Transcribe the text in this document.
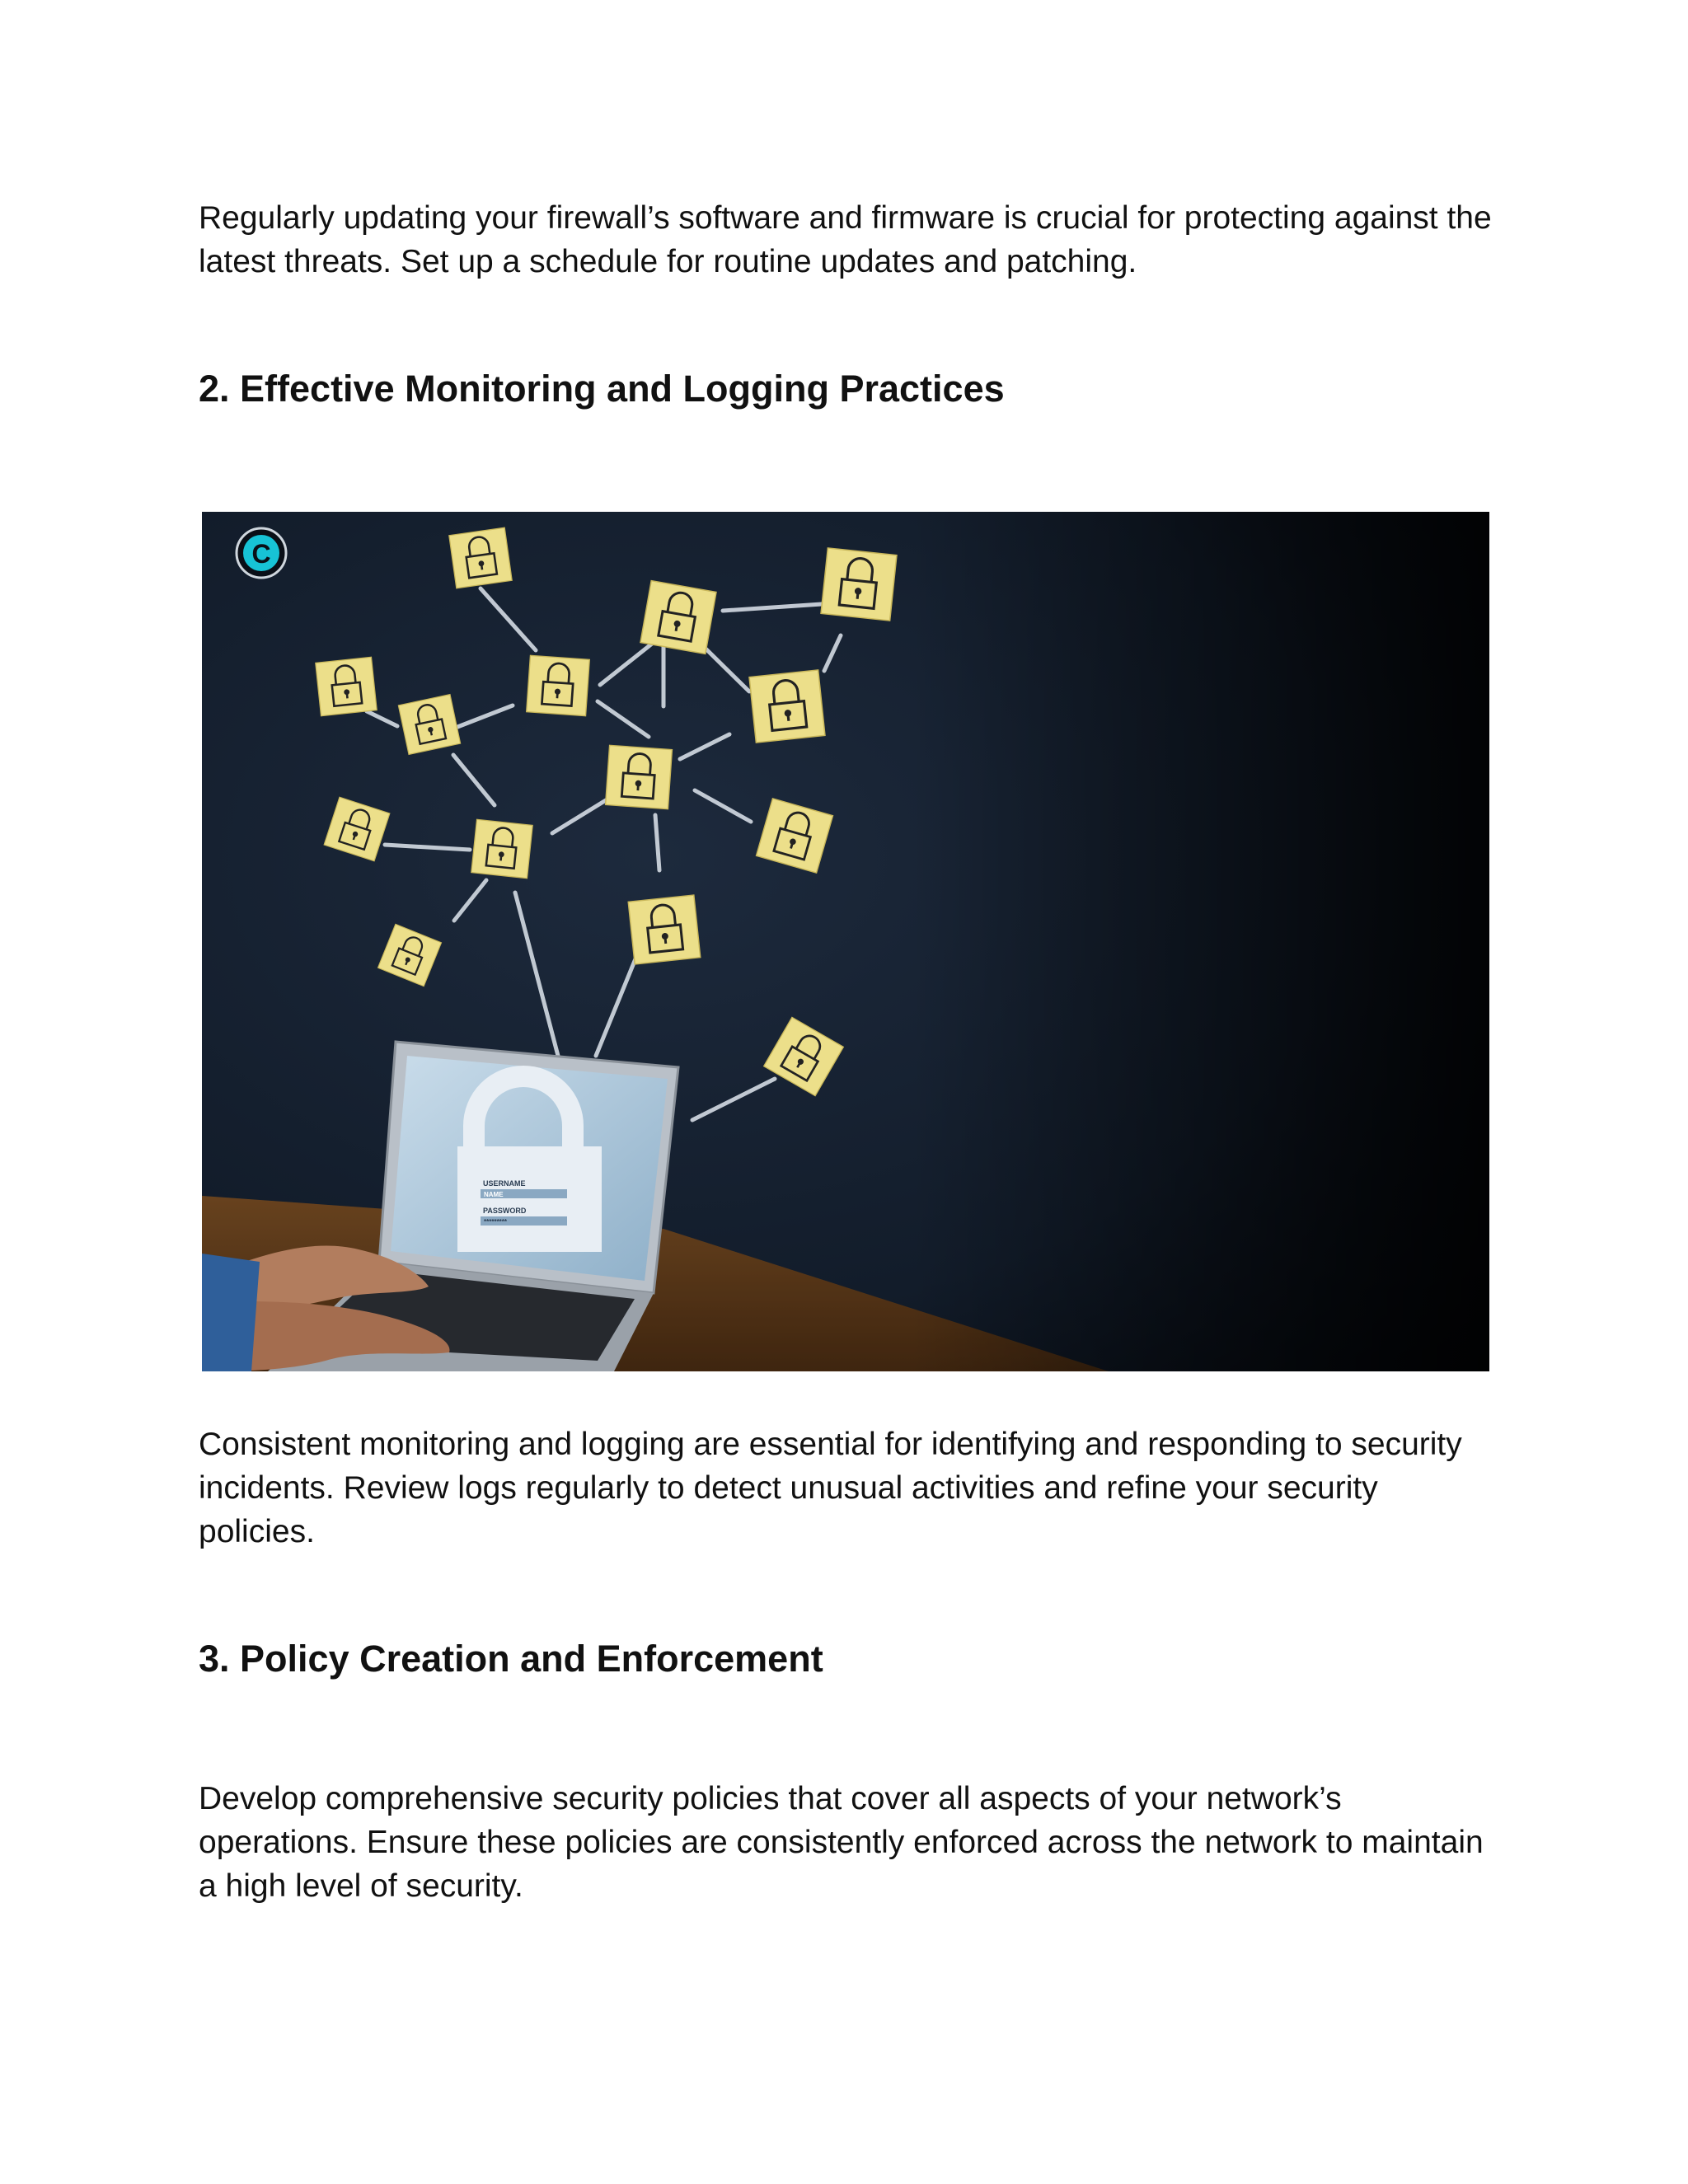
Regularly updating your firewall’s software and firmware is crucial for protecting against the latest threats. Set up a schedule for routine updates and patching.

2. Effective Monitoring and Logging Practices
C

Consistent monitoring and logging are essential for identifying and responding to security incidents. Review logs regularly to detect unusual activities and refine your security policies.

3. Policy Creation and Enforcement

Develop comprehensive security policies that cover all aspects of your network’s operations. Ensure these policies are consistently enforced across the network to maintain a high level of security.
